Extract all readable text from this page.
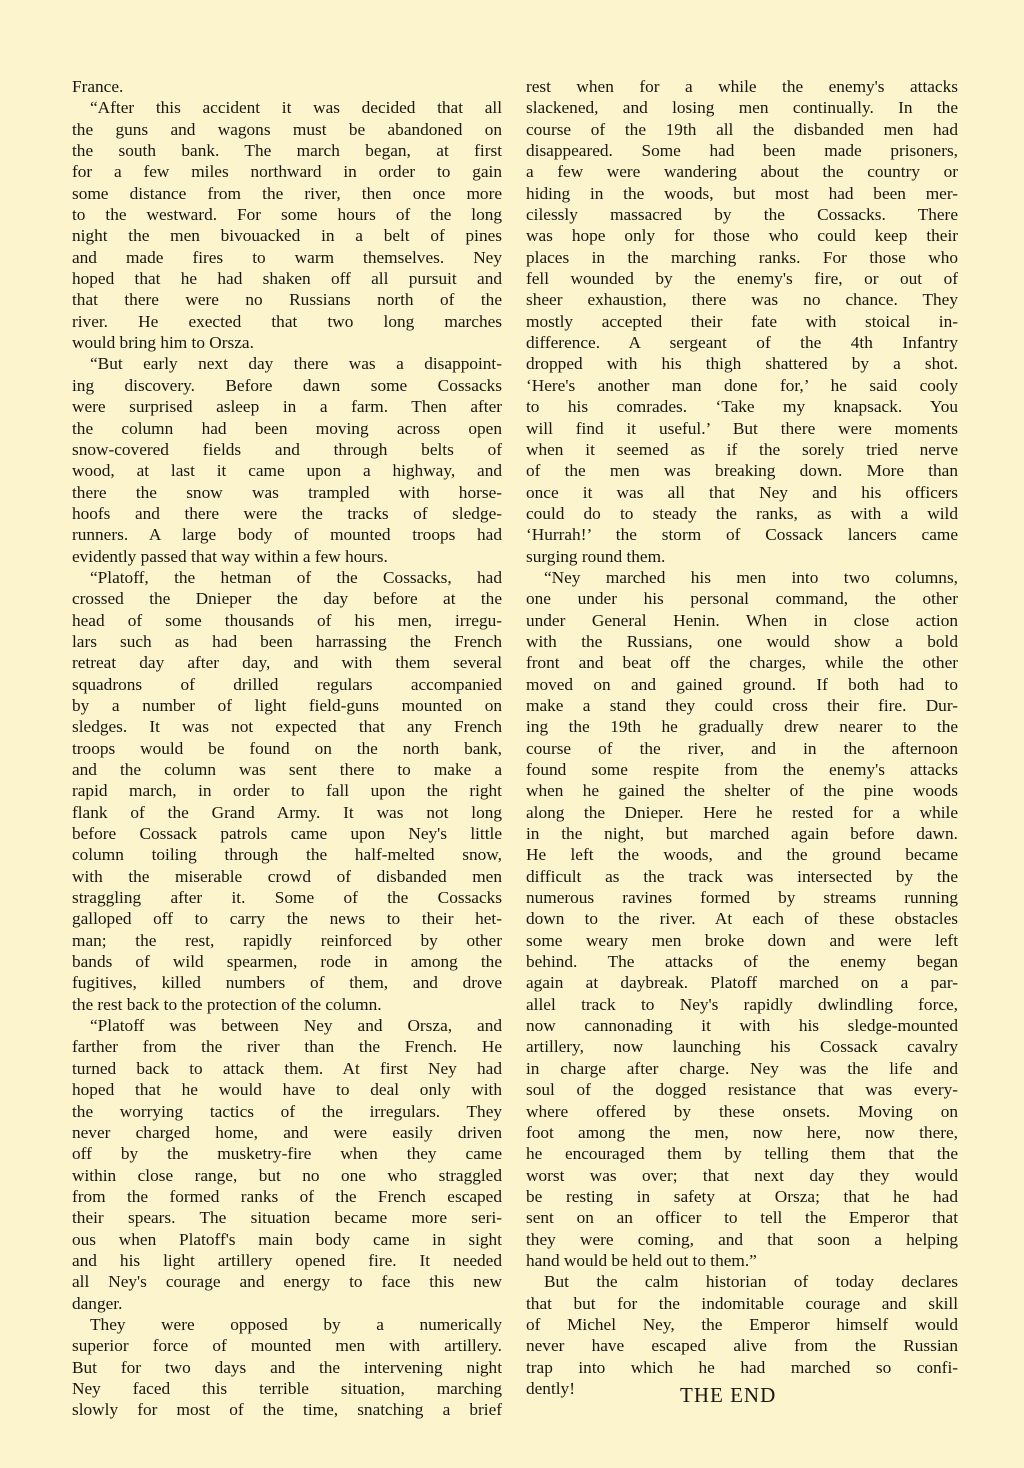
France.
“After this accident it was decided that all
the guns and wagons must be abandoned on
the south bank. The march began, at first
for a few miles northward in order to gain
some distance from the river, then once more
to the westward. For some hours of the long
night the men bivouacked in a belt of pines
and made fires to warm themselves. Ney
hoped that he had shaken off all pursuit and
that there were no Russians north of the
river. He exected that two long marches
would bring him to Orsza.
“But early next day there was a disappoint-
ing discovery. Before dawn some Cossacks
were surprised asleep in a farm. Then after
the column had been moving across open
snow-covered fields and through belts of
wood, at last it came upon a highway, and
there the snow was trampled with horse-
hoofs and there were the tracks of sledge-
runners. A large body of mounted troops had
evidently passed that way within a few hours.
“Platoff, the hetman of the Cossacks, had
crossed the Dnieper the day before at the
head of some thousands of his men, irregu-
lars such as had been harrassing the French
retreat day after day, and with them several
squadrons of drilled regulars accompanied
by a number of light field-guns mounted on
sledges. It was not expected that any French
troops would be found on the north bank,
and the column was sent there to make a
rapid march, in order to fall upon the right
flank of the Grand Army. It was not long
before Cossack patrols came upon Ney's little
column toiling through the half-melted snow,
with the miserable crowd of disbanded men
straggling after it. Some of the Cossacks
galloped off to carry the news to their het-
man; the rest, rapidly reinforced by other
bands of wild spearmen, rode in among the
fugitives, killed numbers of them, and drove
the rest back to the protection of the column.
“Platoff was between Ney and Orsza, and
farther from the river than the French. He
turned back to attack them. At first Ney had
hoped that he would have to deal only with
the worrying tactics of the irregulars. They
never charged home, and were easily driven
off by the musketry-fire when they came
within close range, but no one who straggled
from the formed ranks of the French escaped
their spears. The situation became more seri-
ous when Platoff's main body came in sight
and his light artillery opened fire. It needed
all Ney's courage and energy to face this new
danger.
They were opposed by a numerically
superior force of mounted men with artillery.
But for two days and the intervening night
Ney faced this terrible situation, marching
slowly for most of the time, snatching a brief
rest when for a while the enemy's attacks
slackened, and losing men continually. In the
course of the 19th all the disbanded men had
disappeared. Some had been made prisoners,
a few were wandering about the country or
hiding in the woods, but most had been mer-
cilessly massacred by the Cossacks. There
was hope only for those who could keep their
places in the marching ranks. For those who
fell wounded by the enemy's fire, or out of
sheer exhaustion, there was no chance. They
mostly accepted their fate with stoical in-
difference. A sergeant of the 4th Infantry
dropped with his thigh shattered by a shot.
‘Here's another man done for,’ he said cooly
to his comrades. ‘Take my knapsack. You
will find it useful.’ But there were moments
when it seemed as if the sorely tried nerve
of the men was breaking down. More than
once it was all that Ney and his officers
could do to steady the ranks, as with a wild
‘Hurrah!’ the storm of Cossack lancers came
surging round them.
“Ney marched his men into two columns,
one under his personal command, the other
under General Henin. When in close action
with the Russians, one would show a bold
front and beat off the charges, while the other
moved on and gained ground. If both had to
make a stand they could cross their fire. Dur-
ing the 19th he gradually drew nearer to the
course of the river, and in the afternoon
found some respite from the enemy's attacks
when he gained the shelter of the pine woods
along the Dnieper. Here he rested for a while
in the night, but marched again before dawn.
He left the woods, and the ground became
difficult as the track was intersected by the
numerous ravines formed by streams running
down to the river. At each of these obstacles
some weary men broke down and were left
behind. The attacks of the enemy began
again at daybreak. Platoff marched on a par-
allel track to Ney's rapidly dwlindling force,
now cannonading it with his sledge-mounted
artillery, now launching his Cossack cavalry
in charge after charge. Ney was the life and
soul of the dogged resistance that was every-
where offered by these onsets. Moving on
foot among the men, now here, now there,
he encouraged them by telling them that the
worst was over; that next day they would
be resting in safety at Orsza; that he had
sent on an officer to tell the Emperor that
they were coming, and that soon a helping
hand would be held out to them.”
But the calm historian of today declares
that but for the indomitable courage and skill
of Michel Ney, the Emperor himself would
never have escaped alive from the Russian
trap into which he had marched so confi-
dently!	THE END
